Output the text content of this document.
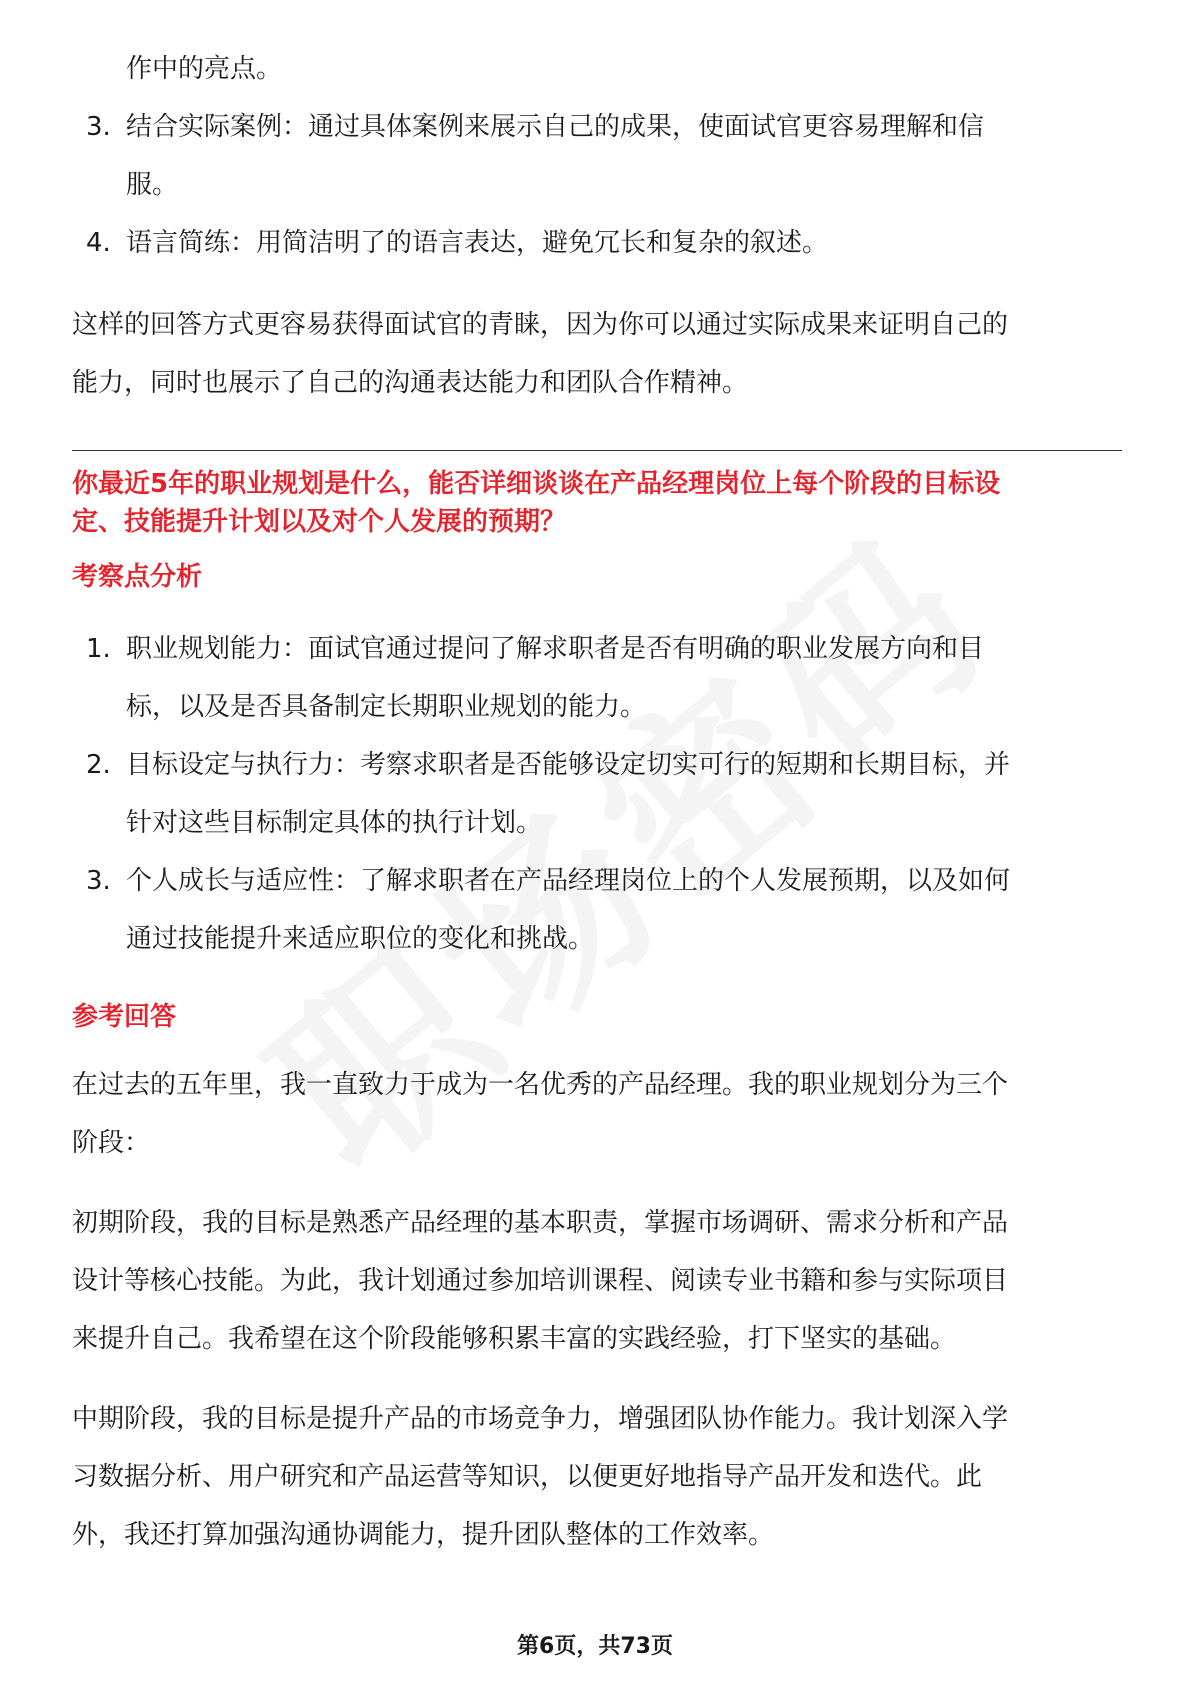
作中的亮点。

3. 结合实际案例：通过具体案例来展示自己的成果，使面试官更容易理解和信
服。
4. 语言简练：用简洁明了的语言表达，避免冗长和复杂的叙述。

这样的回答方式更容易获得面试官的青睐，因为你可以通过实际成果来证明自己的

能力，同时也展示了自己的沟通表达能力和团队合作精神。

你最近5年的职业规划是什么，能否详细谈谈在产品经理岗位上每个阶段的目标设

定、技能提升计划以及对个人发展的预期？

考察点分析

1. 职业规划能力：面试官通过提问了解求职者是否有明确的职业发展方向和目
标，以及是否具备制定长期职业规划的能力。
2. 目标设定与执行力：考察求职者是否能够设定切实可行的短期和长期目标，并
针对这些目标制定具体的执行计划。
3. 个人成长与适应性：了解求职者在产品经理岗位上的个人发展预期，以及如何
通过技能提升来适应职位的变化和挑战。

参考回答

在过去的五年里，我一直致力于成为一名优秀的产品经理。我的职业规划分为三个

阶段：

初期阶段，我的目标是熟悉产品经理的基本职责，掌握市场调研、需求分析和产品

设计等核心技能。为此，我计划通过参加培训课程、阅读专业书籍和参与实际项目

来提升自己。我希望在这个阶段能够积累丰富的实践经验，打下坚实的基础。

中期阶段，我的目标是提升产品的市场竞争力，增强团队协作能力。我计划深入学

习数据分析、用户研究和产品运营等知识，以便更好地指导产品开发和迭代。此

外，我还打算加强沟通协调能力，提升团队整体的工作效率。

第6页，共73页
